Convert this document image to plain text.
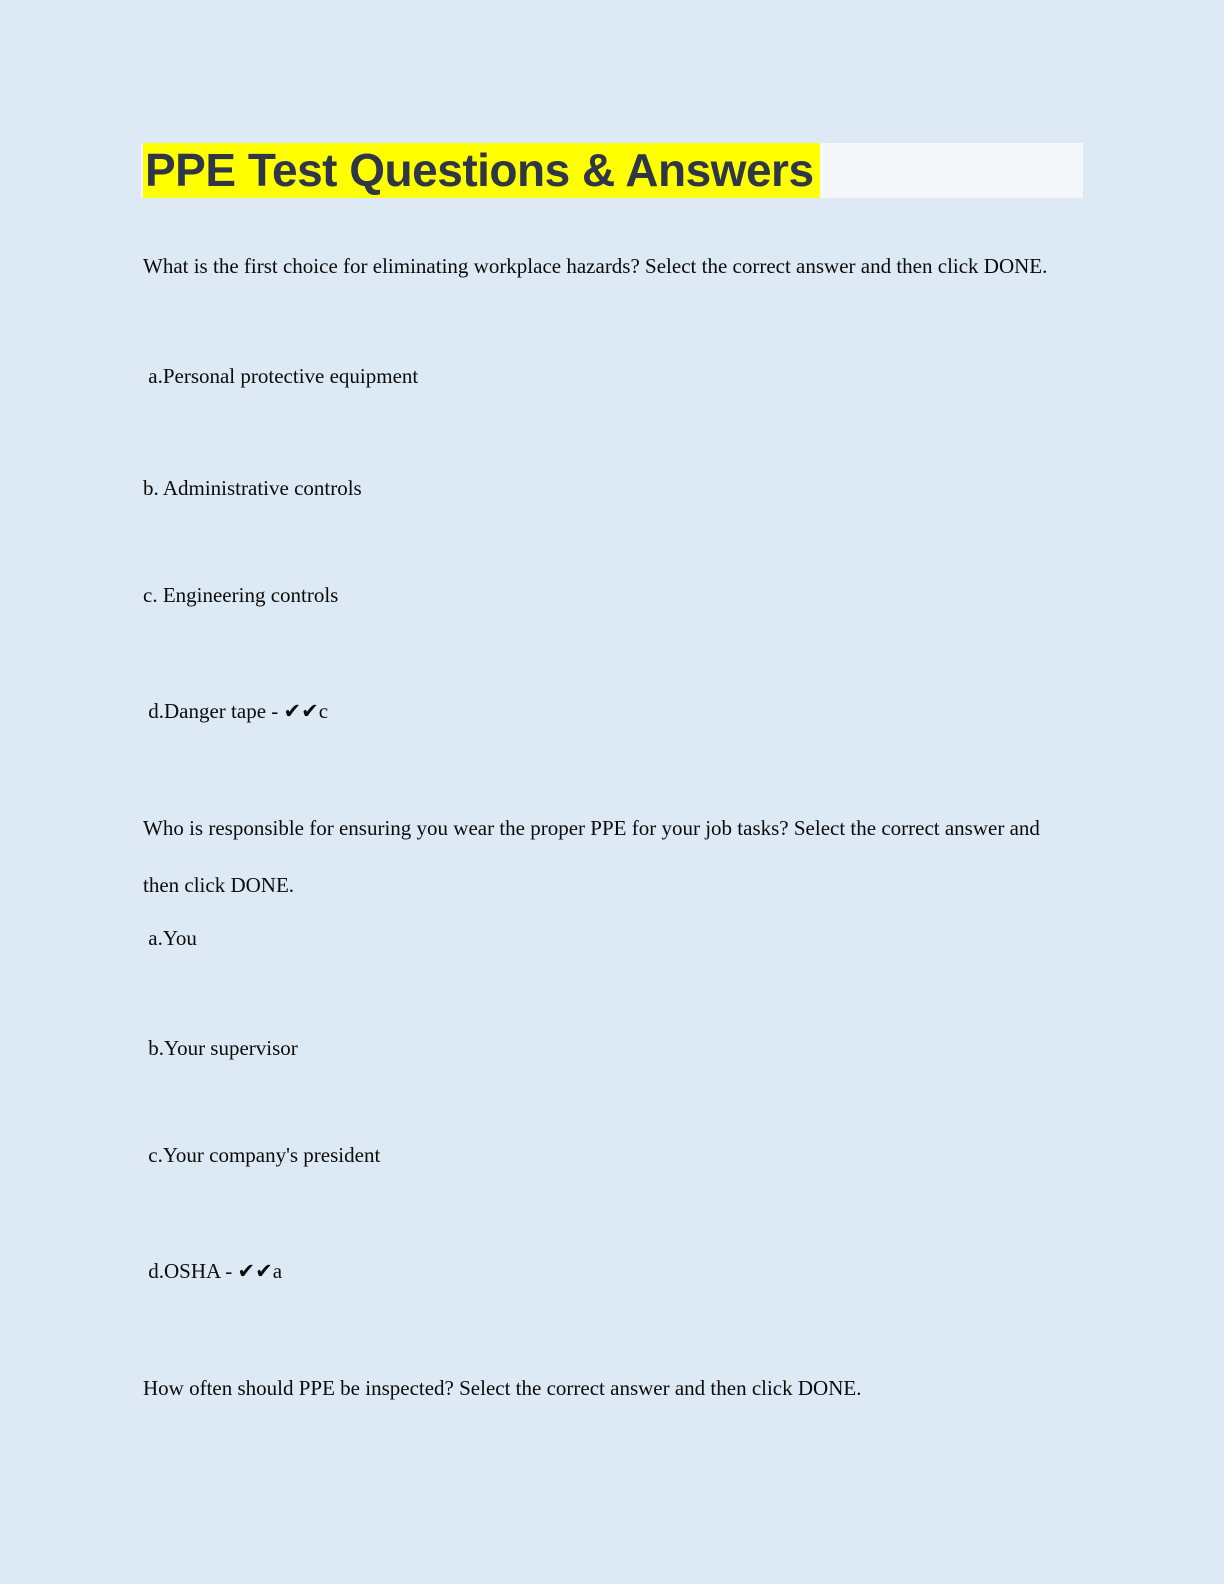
PPE Test Questions & Answers

What is the first choice for eliminating workplace hazards? Select the correct answer and then click DONE.

a.Personal protective equipment

b. Administrative controls

c. Engineering controls

d.Danger tape - ✔✔c

Who is responsible for ensuring you wear the proper PPE for your job tasks? Select the correct answer and then click DONE.

a.You

b.Your supervisor

c.Your company's president

d.OSHA - ✔✔a

How often should PPE be inspected? Select the correct answer and then click DONE.
